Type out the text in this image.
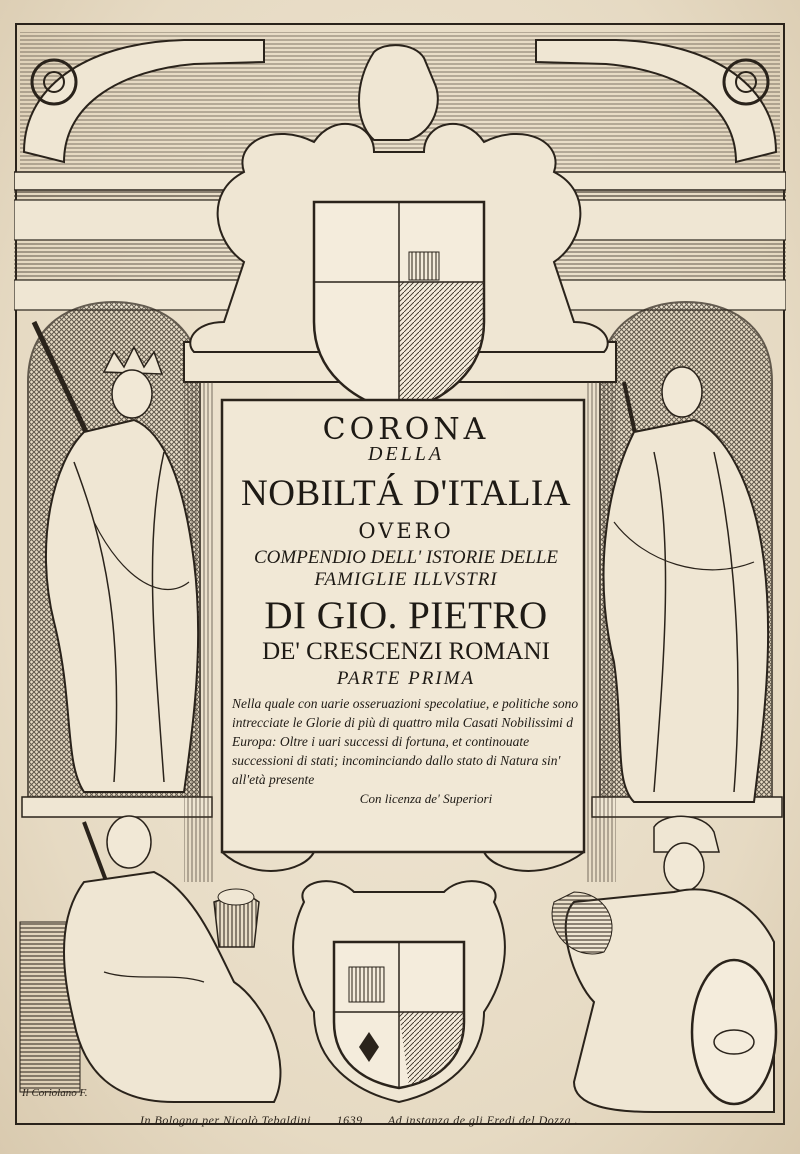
CORONA
DELLA
NOBILTÁ D'ITALIA
OVERO
COMPENDIO DELL' ISTORIE DELLE
FAMIGLIE ILLVSTRI
DI GIO. PIETRO
DE' CRESCENZI ROMANI
PARTE PRIMA
Nella quale con uarie osseruazioni specolatiue, e politiche sono intrecciate le Glorie di più di quattro mila Casati Nobilissimi d Europa: Oltre i uari successi di fortuna, et continouate successioni di stati; incominciando dallo stato di Natura sin' all'età presente
Con licenza de' Superiori
Il Coriolano F.
In Bologna per Nicolò Tebaldini 1639 Ad instanza de gli Eredi del Dozza .
